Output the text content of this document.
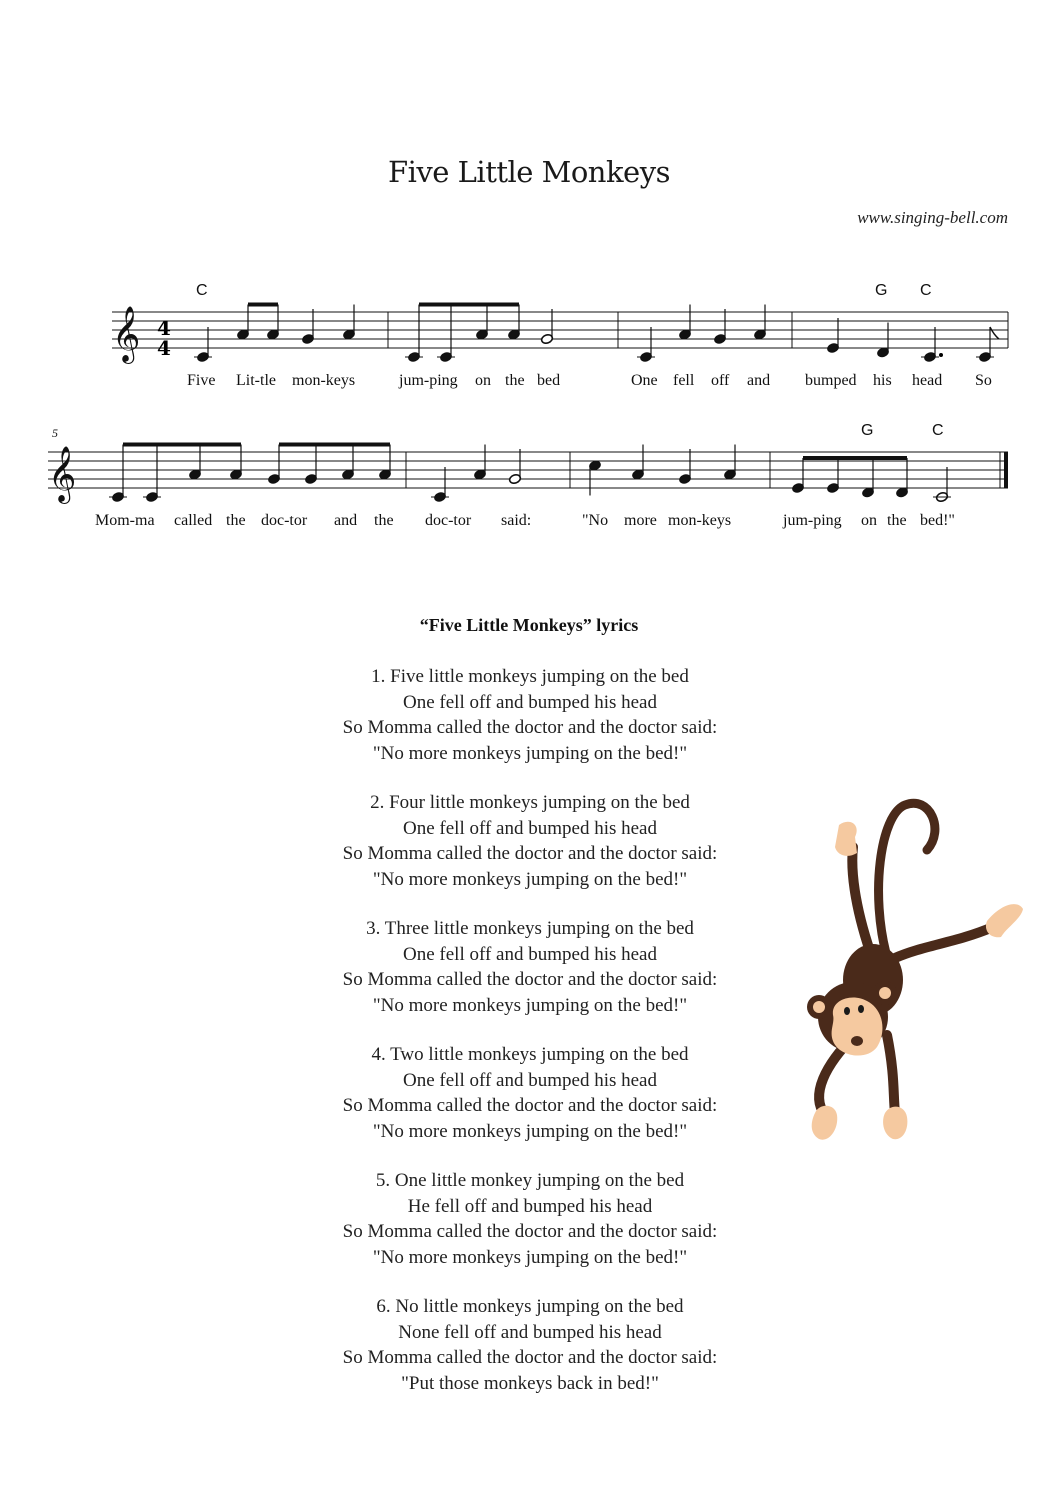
Five Little Monkeys
www.singing-bell.com
𝄞
𝄞
C	G C
G	C
4
4
5
Five Lit-tle mon-keys	jum-ping on the bed	One fell off and bumped his head So
Mom-ma called the doc-tor and the doc-tor said:	"No more mon-keys	jum-ping on the bed!"
“Five Little Monkeys” lyrics
1. Five little monkeys jumping on the bed
One fell off and bumped his head
So Momma called the doctor and the doctor said:
"No more monkeys jumping on the bed!"
2. Four little monkeys jumping on the bed
One fell off and bumped his head
So Momma called the doctor and the doctor said:
"No more monkeys jumping on the bed!"
3. Three little monkeys jumping on the bed
One fell off and bumped his head
So Momma called the doctor and the doctor said:
"No more monkeys jumping on the bed!"
4. Two little monkeys jumping on the bed
One fell off and bumped his head
So Momma called the doctor and the doctor said:
"No more monkeys jumping on the bed!"
5. One little monkey jumping on the bed
He fell off and bumped his head
So Momma called the doctor and the doctor said:
"No more monkeys jumping on the bed!"
6. No little monkeys jumping on the bed
None fell off and bumped his head
So Momma called the doctor and the doctor said:
"Put those monkeys back in bed!"
